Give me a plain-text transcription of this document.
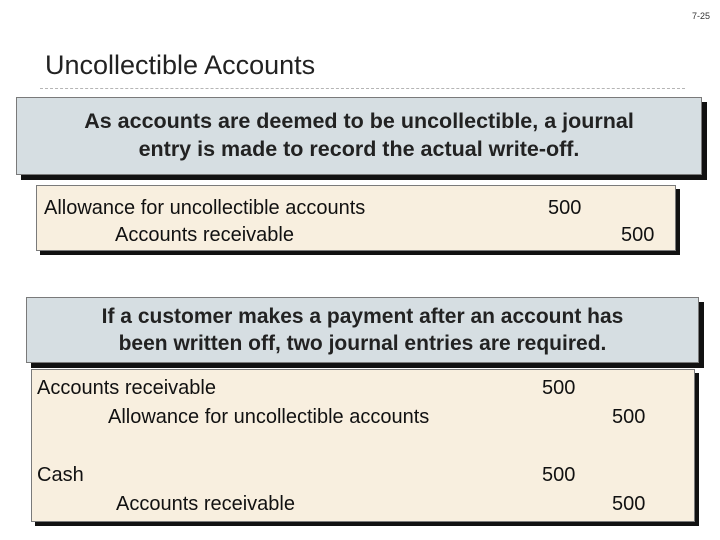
7-25
Uncollectible Accounts
As accounts are deemed to be uncollectible, a journal
entry is made to record the actual write-off.
Allowance for uncollectible accounts	500
Accounts receivable	500
If a customer makes a payment after an account has
been written off, two journal entries are required.
Accounts receivable	500
Allowance for uncollectible accounts	500
Cash	500
Accounts receivable	500
